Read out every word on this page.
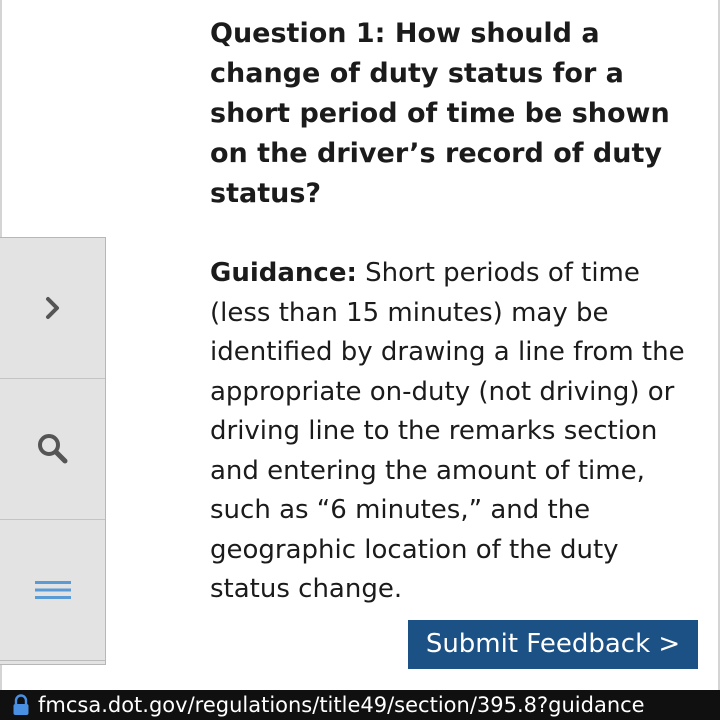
Question 1: How should a change of duty status for a short period of time be shown on the driver’s record of duty status?

Guidance: Short periods of time (less than 15 minutes) may be identified by drawing a line from the appropriate on-duty (not driving) or driving line to the remarks section and entering the amount of time, such as “6 minutes,” and the geographic location of the duty status change.

Submit Feedback >
fmcsa.dot.gov/regulations/title49/section/395.8?guidance
